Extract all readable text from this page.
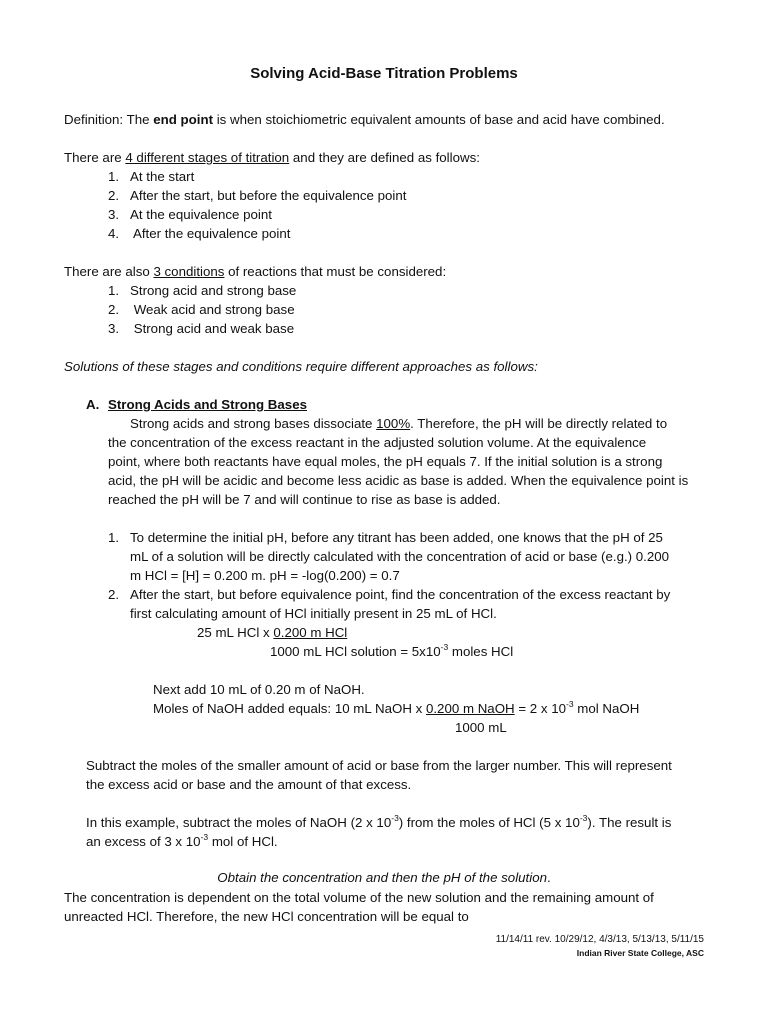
Solving Acid-Base Titration Problems
Definition: The end point is when stoichiometric equivalent amounts of base and acid have combined.
There are 4 different stages of titration and they are defined as follows:
1. At the start
2. After the start, but before the equivalence point
3. At the equivalence point
4. After the equivalence point
There are also 3 conditions of reactions that must be considered:
1. Strong acid and strong base
2. Weak acid and strong base
3. Strong acid and weak base
Solutions of these stages and conditions require different approaches as follows:
A. Strong Acids and Strong Bases
Strong acids and strong bases dissociate 100%. Therefore, the pH will be directly related to
the concentration of the excess reactant in the adjusted solution volume. At the equivalence
point, where both reactants have equal moles, the pH equals 7. If the initial solution is a strong
acid, the pH will be acidic and become less acidic as base is added. When the equivalence point is
reached the pH will be 7 and will continue to rise as base is added.
1. To determine the initial pH, before any titrant has been added, one knows that the pH of 25
mL of a solution will be directly calculated with the concentration of acid or base (e.g.) 0.200
m HCl = [H] = 0.200 m. pH = -log(0.200) = 0.7
2. After the start, but before equivalence point, find the concentration of the excess reactant by
first calculating amount of HCl initially present in 25 mL of HCl.
25 mL HCl x 0.200 m HCl
1000 mL HCl solution = $5x10^{-3}$ moles HCl
Next add 10 mL of 0.20 m of NaOH.
Moles of NaOH added equals: 10 mL NaOH x 0.200 m NaOH = 2 x $10^{-3}$ mol NaOH
1000 mL
Subtract the moles of the smaller amount of acid or base from the larger number. This will represent
the excess acid or base and the amount of that excess.
In this example, subtract the moles of NaOH (2 x $10^{-3}$) from the moles of HCl (5 x $10^{-3}$). The result is
an excess of 3 x $10^{-3}$ mol of HCl.
Obtain the concentration and then the pH of the solution.
The concentration is dependent on the total volume of the new solution and the remaining amount of
unreacted HCl. Therefore, the new HCl concentration will be equal to
11/14/11 rev. 10/29/12, 4/3/13, 5/13/13, 5/11/15
Indian River State College, ASC
